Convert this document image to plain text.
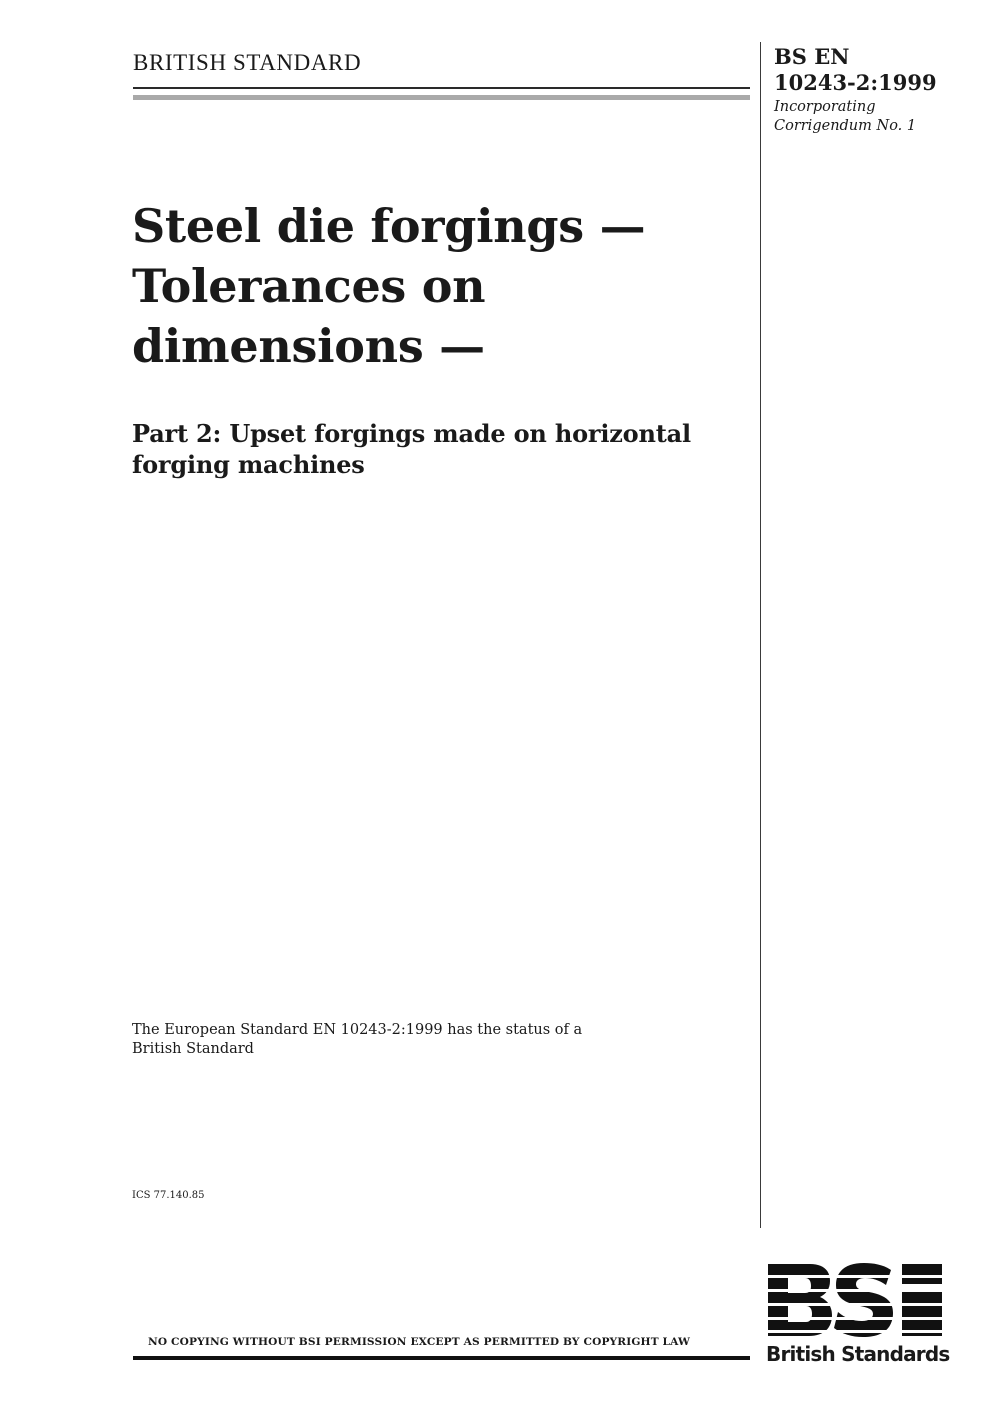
BRITISH STANDARD	BS EN
10243-2:1999
Incorporating
Corrigendum No. 1
Steel die forgings —
Tolerances on
dimensions —
Part 2: Upset forgings made on horizontal
forging machines
The European Standard EN 10243-2:1999 has the status of a
British Standard
ICS 77.140.85
NO COPYING WITHOUT BSI PERMISSION EXCEPT AS PERMITTED BY COPYRIGHT LAW	British Standards
